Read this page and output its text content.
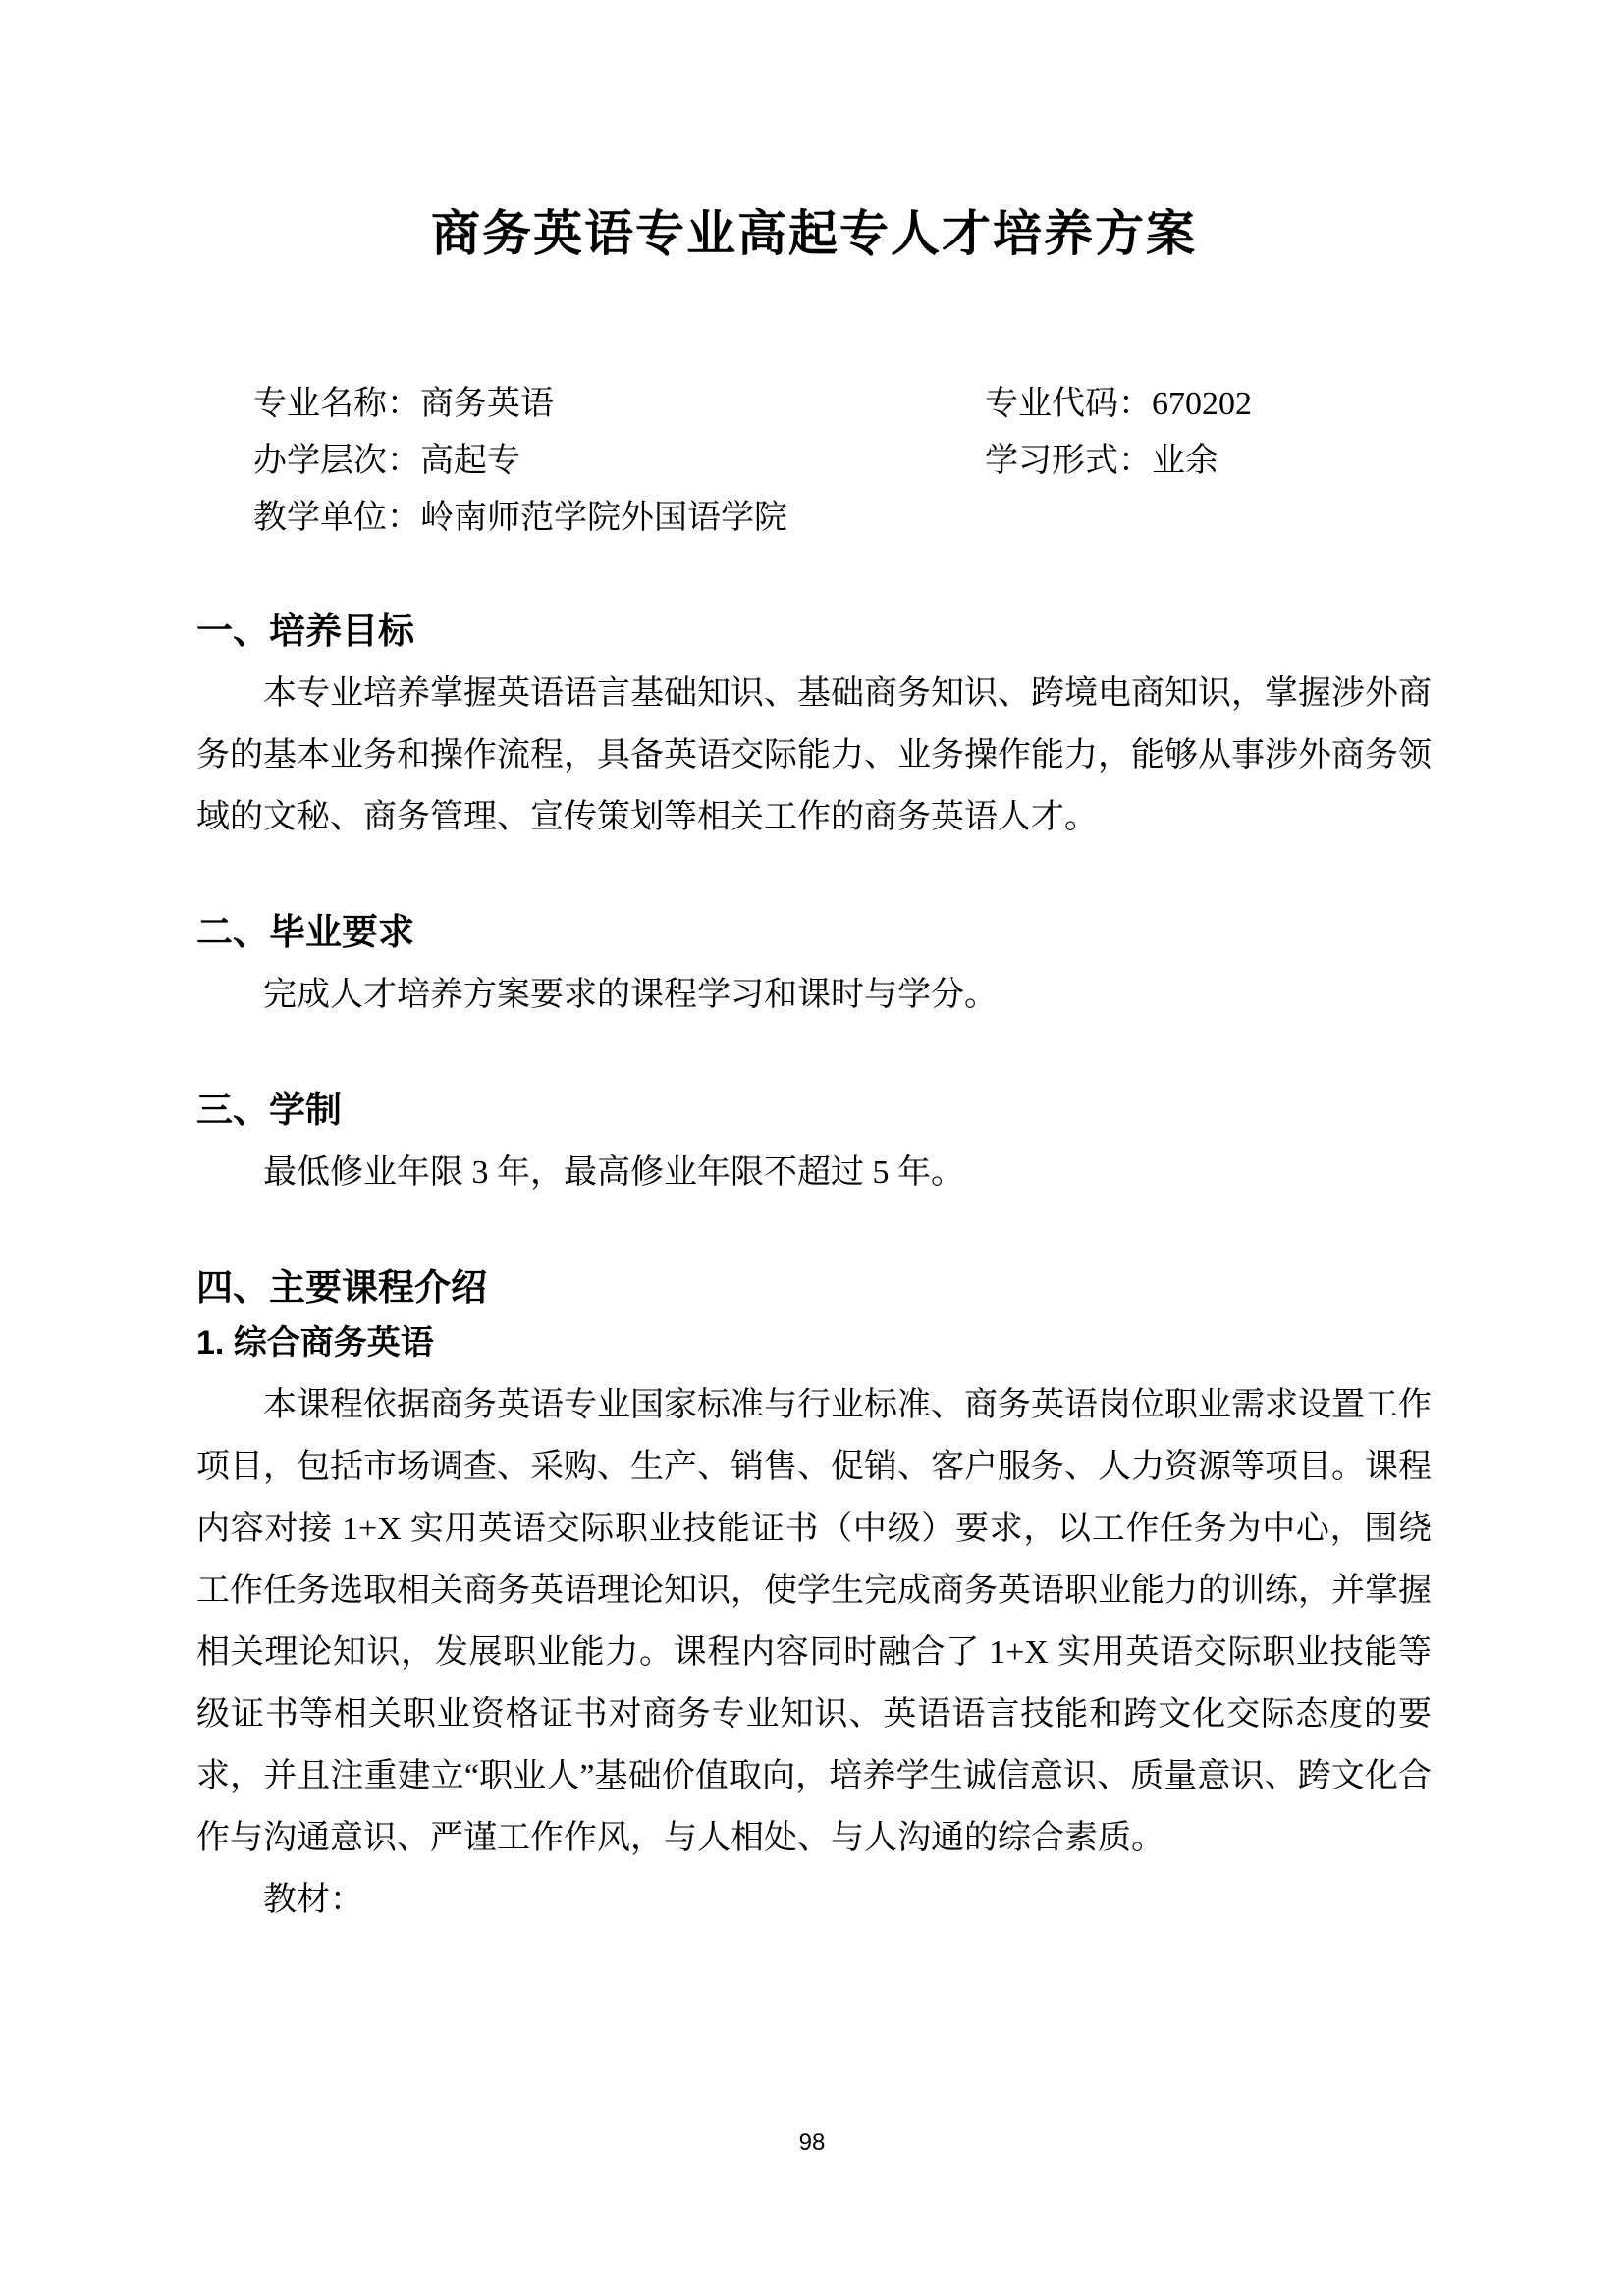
商务英语专业高起专人才培养方案
专业名称：商务英语	专业代码：670202
办学层次：高起专	学习形式：业余
教学单位：岭南师范学院外国语学院
一、培养目标

本专业培养掌握英语语言基础知识、基础商务知识、跨境电商知识，掌握涉外商务的基本业务和操作流程，具备英语交际能力、业务操作能力，能够从事涉外商务领域的文秘、商务管理、宣传策划等相关工作的商务英语人才。

二、毕业要求

完成人才培养方案要求的课程学习和课时与学分。

三、学制

最低修业年限 3 年，最高修业年限不超过 5 年。

四、主要课程介绍
1. 综合商务英语

本课程依据商务英语专业国家标准与行业标准、商务英语岗位职业需求设置工作项目，包括市场调查、采购、生产、销售、促销、客户服务、人力资源等项目。课程内容对接 1+X 实用英语交际职业技能证书（中级）要求，以工作任务为中心，围绕工作任务选取相关商务英语理论知识，使学生完成商务英语职业能力的训练，并掌握相关理论知识，发展职业能力。课程内容同时融合了 1+X 实用英语交际职业技能等级证书等相关职业资格证书对商务专业知识、英语语言技能和跨文化交际态度的要求，并且注重建立“职业人”基础价值取向，培养学生诚信意识、质量意识、跨文化合作与沟通意识、严谨工作作风，与人相处、与人沟通的综合素质。

教材：

98
